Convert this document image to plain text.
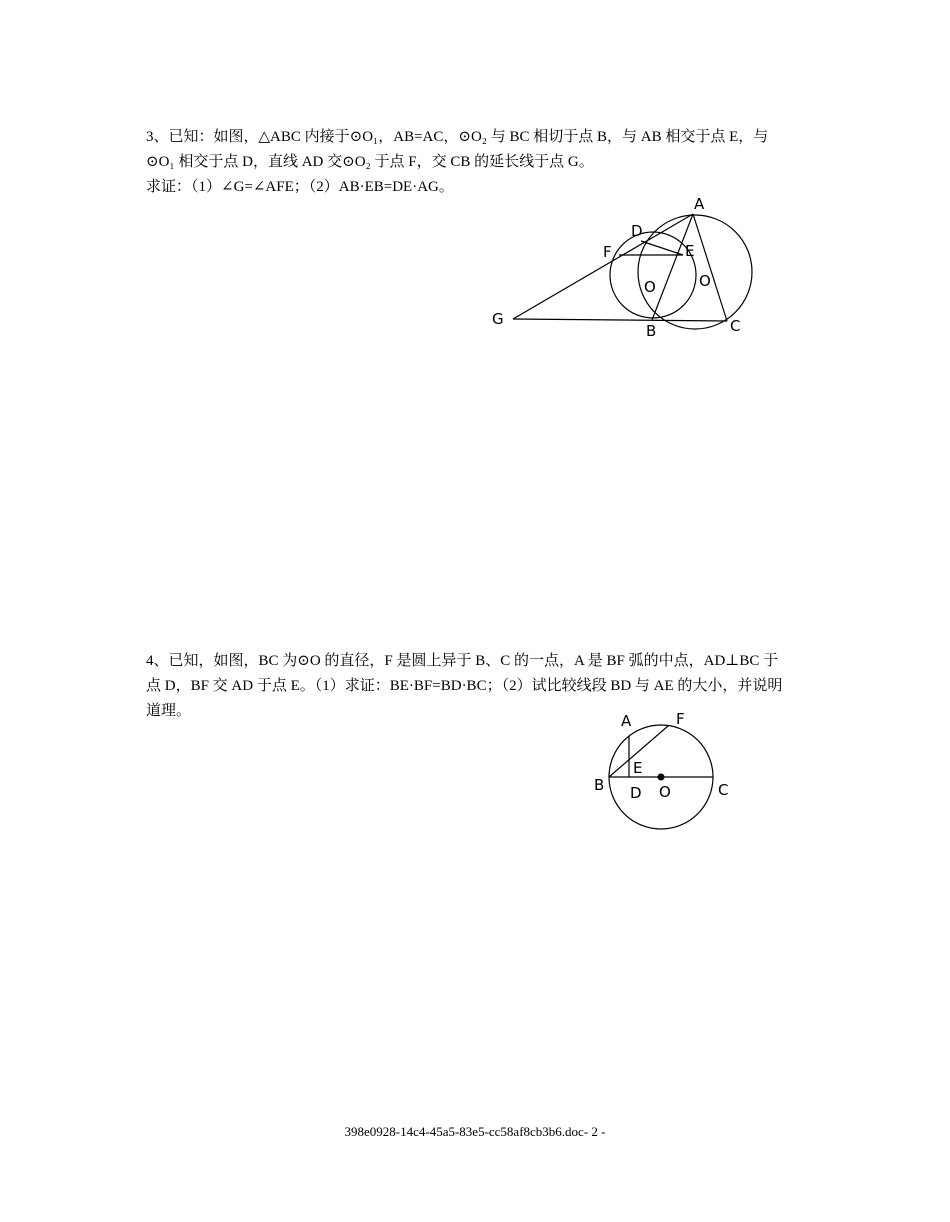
3、已知：如图，△ABC 内接于⊙O₁，AB=AC，⊙O₂ 与 BC 相切于点 B，与 AB 相交于点 E，与

⊙O₁ 相交于点 D，直线 AD 交⊙O₂ 于点 F，交 CB 的延长线于点 G。

求证：（1）∠G=∠AFE；（2）AB·EB=DE·AG。

A
D
E
F
O	O
G
B	C

4、已知，如图，BC 为⊙O 的直径，F 是圆上异于 B、C 的一点，A 是 BF 弧的中点，AD⊥BC 于

点 D，BF 交 AD 于点 E。（1）求证：BE·BF=BD·BC；（2）试比较线段 BD 与 AE 的大小，并说明

道理。

A	F
E
B D O	C
398e0928-14c4-45a5-83e5-cc58af8cb3b6.doc- 2 -
